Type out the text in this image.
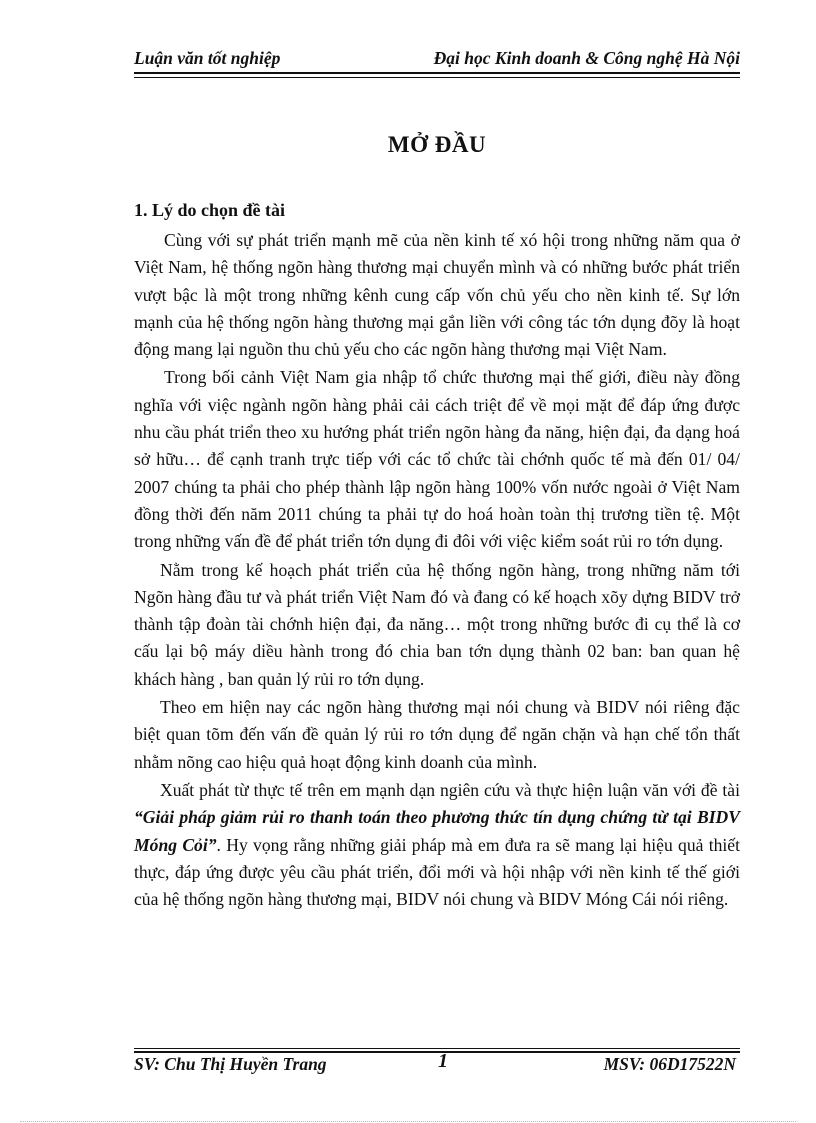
Luận văn tốt nghiệp	Đại học Kinh doanh & Công nghệ Hà Nội
MỞ ĐẦU
1. Lý do chọn đề tài

Cùng với sự phát triển mạnh mẽ của nền kinh tế xó hội trong những năm qua ở Việt Nam, hệ thống ngõn hàng thương mại chuyển mình và có những bước phát triển vượt bậc là một trong những kênh cung cấp vốn chủ yếu cho nền kinh tế. Sự lớn mạnh của hệ thống ngõn hàng thương mại gắn liền với công tác tớn dụng đõy là hoạt động mang lại nguồn thu chủ yếu cho các ngõn hàng thương mại Việt Nam.

Trong bối cảnh Việt Nam gia nhập tổ chức thương mại thế giới, điều này đồng nghĩa với việc ngành ngõn hàng phải cải cách triệt để về mọi mặt để đáp ứng được nhu cầu phát triển theo xu hướng phát triển ngõn hàng đa năng, hiện đại, đa dạng hoá sở hữu… để cạnh tranh trực tiếp với các tổ chức tài chớnh quốc tế mà đến 01/ 04/ 2007 chúng ta phải cho phép thành lập ngõn hàng 100% vốn nước ngoài ở Việt Nam đồng thời đến năm 2011 chúng ta phải tự do hoá hoàn toàn thị trương tiền tệ. Một trong những vấn đề để phát triển tớn dụng đi đôi với việc kiểm soát rủi ro tớn dụng.

Nằm trong kế hoạch phát triển của hệ thống ngõn hàng, trong những năm tới Ngõn hàng đầu tư và phát triển Việt Nam đó và đang có kế hoạch xõy dựng BIDV trở thành tập đoàn tài chớnh hiện đại, đa năng… một trong những bước đi cụ thể là cơ cấu lại bộ máy diều hành trong đó chia ban tớn dụng thành 02 ban: ban quan hệ khách hàng , ban quản lý rủi ro tớn dụng.

Theo em hiện nay các ngõn hàng thương mại nói chung và BIDV nói riêng đặc biệt quan tõm đến vấn đề quản lý rủi ro tớn dụng để ngăn chặn và hạn chế tổn thất nhằm nõng cao hiệu quả hoạt động kinh doanh của mình.

Xuất phát từ thực tế trên em mạnh dạn ngiên cứu và thực hiện luận văn với đề tài “Giải pháp giảm rủi ro thanh toán theo phương thức tín dụng chứng từ tại BIDV Móng Cỏi”. Hy vọng rằng những giải pháp mà em đưa ra sẽ mang lại hiệu quả thiết thực, đáp ứng được yêu cầu phát triển, đổi mới và hội nhập với nền kinh tế thế giới của hệ thống ngõn hàng thương mại, BIDV nói chung và BIDV Móng Cái nói riêng.

SV: Chu Thị Huyền Trang	1	MSV: 06D17522N
